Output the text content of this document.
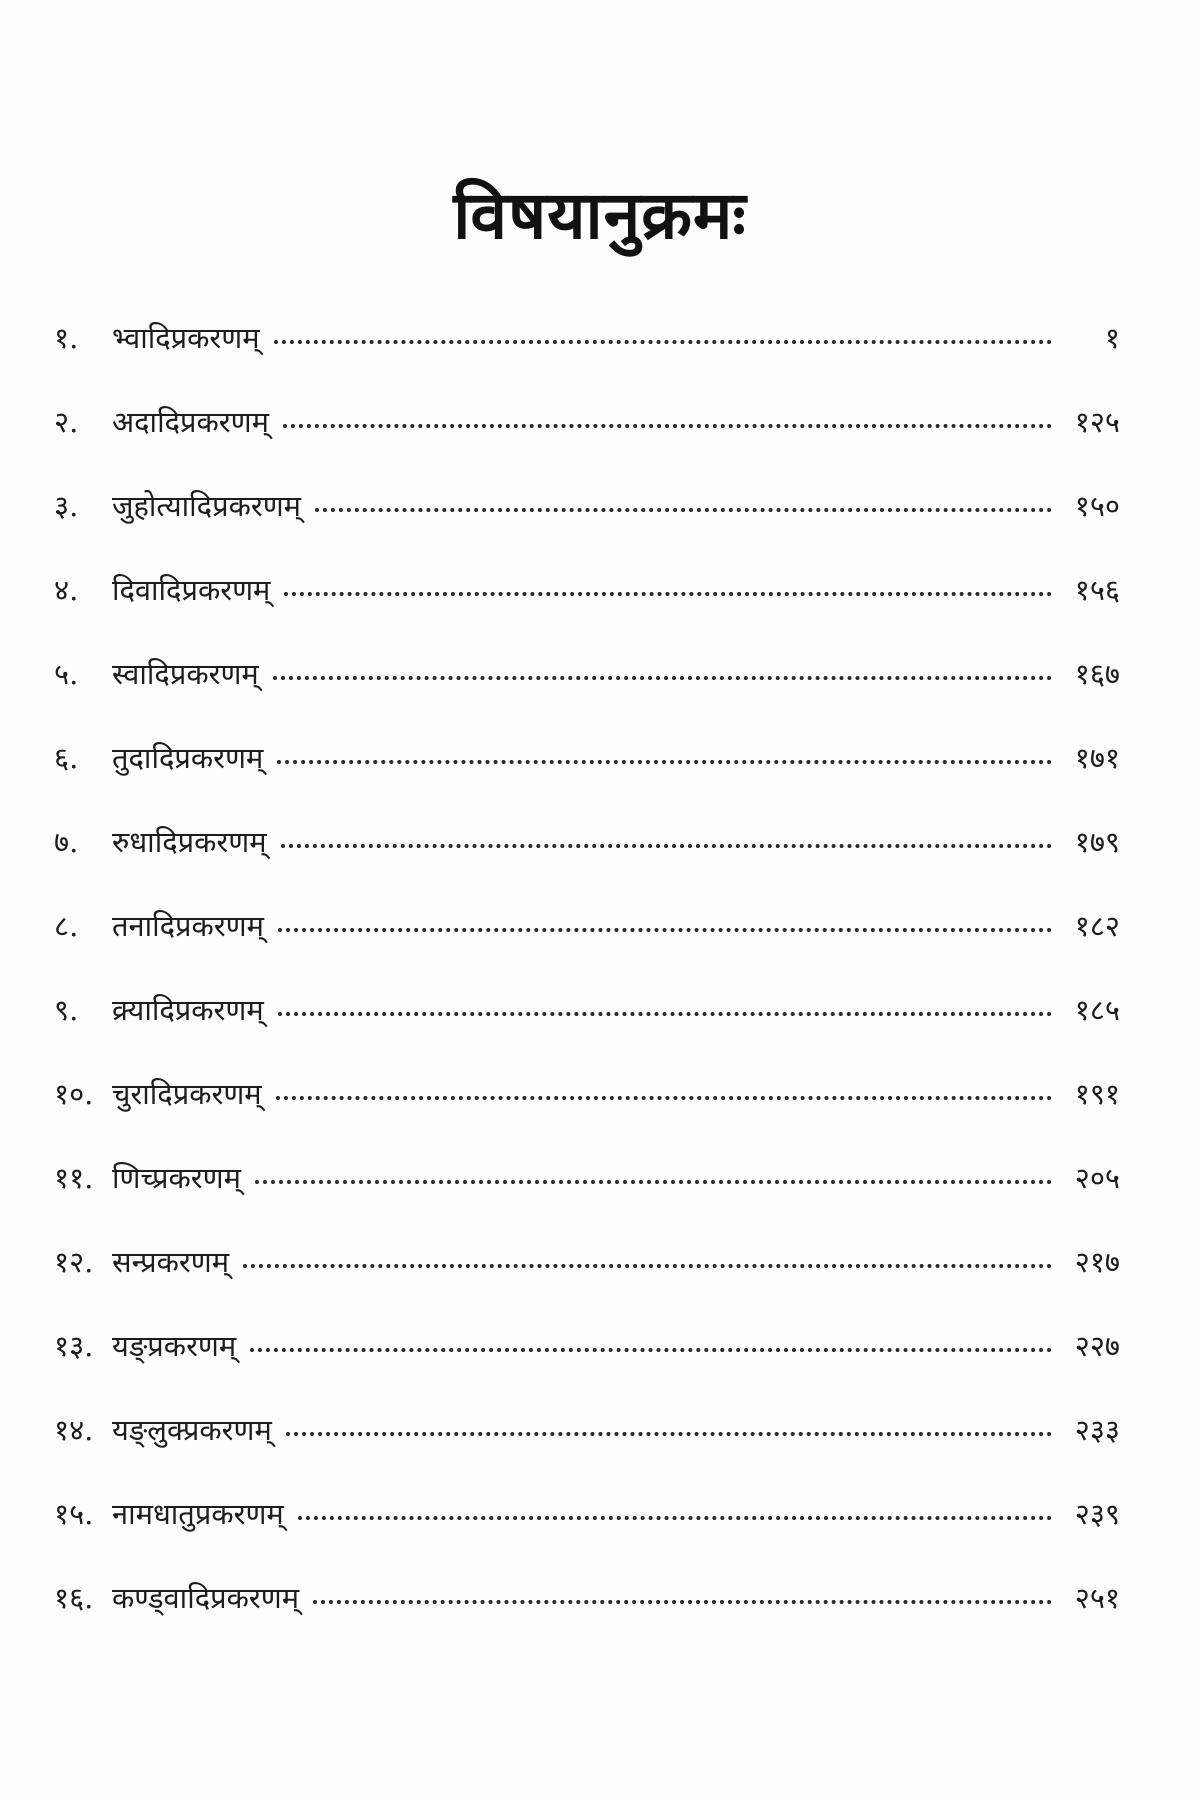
विषयानुक्रमः
१.	भ्वादिप्रकरणम्	१
२.	अदादिप्रकरणम्	१२५
३.	जुहोत्यादिप्रकरणम्	१५०
४.	दिवादिप्रकरणम्	१५६
५.	स्वादिप्रकरणम्	१६७
६.	तुदादिप्रकरणम्	१७१
७.	रुधादिप्रकरणम्	१७९
८.	तनादिप्रकरणम्	१८२
९.	क्र्यादिप्रकरणम्	१८५
१०. चुरादिप्रकरणम्	१९१
११. णिच्प्रकरणम्	२०५
१२. सन्प्रकरणम्	२१७
१३. यङ्प्रकरणम्	२२७
१४. यङ्लुक्प्रकरणम्	२३३
१५. नामधातुप्रकरणम्	२३९
१६. कण्ड्वादिप्रकरणम्	२५१
